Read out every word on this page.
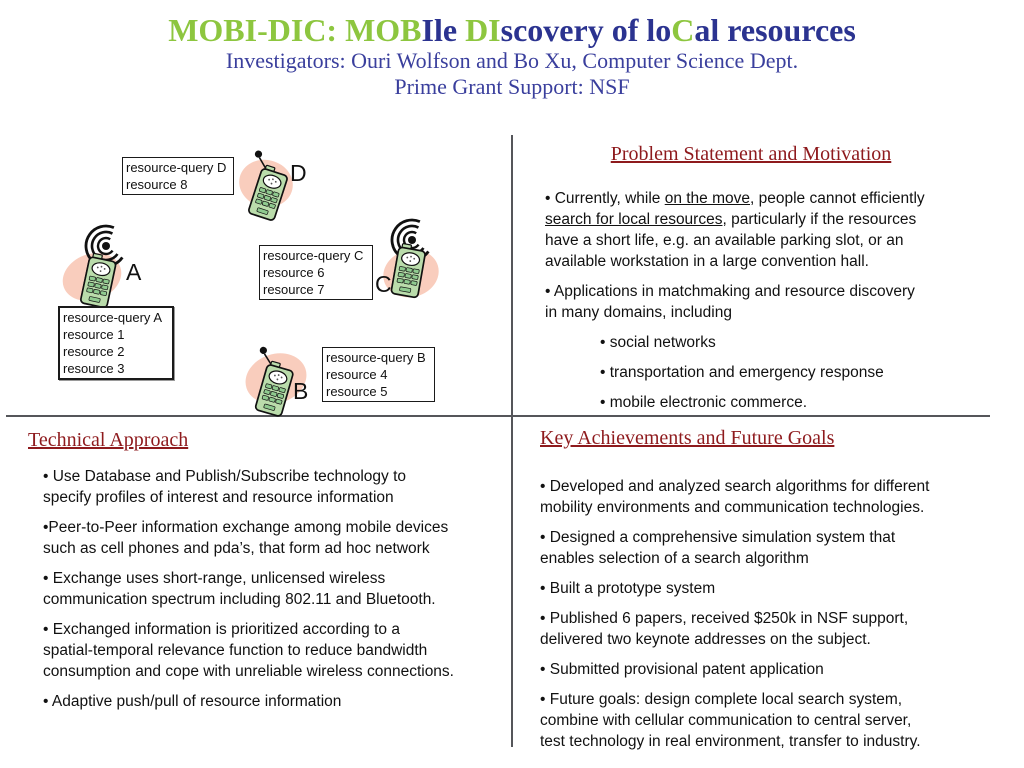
MOBI-DIC: MOBIle DIscovery of loCal resources
Investigators: Ouri Wolfson and Bo Xu, Computer Science Dept.
Prime Grant Support: NSF
resource-query D
resource 8
resource-query C
resource 6
resource 7
resource-query A
resource 1
resource 2
resource 3
resource-query B
resource 4
resource 5
A
B
C
D
Problem Statement and Motivation

• Currently, while on the move, people cannot efficiently
search for local resources, particularly if the resources
have a short life, e.g. an available parking slot, or an
available workstation in a large convention hall.

• Applications in matchmaking and resource discovery
in many domains, including

• social networks

• transportation and emergency response

• mobile electronic commerce.

Technical Approach

• Use Database and Publish/Subscribe technology to
specify profiles of interest and resource information

•Peer-to-Peer information exchange among mobile devices
such as cell phones and pda’s, that form ad hoc network

• Exchange uses short-range, unlicensed wireless
communication spectrum including 802.11 and Bluetooth.

• Exchanged information is prioritized according to a
spatial-temporal relevance function to reduce bandwidth
consumption and cope with unreliable wireless connections.

• Adaptive push/pull of resource information

Key Achievements and Future Goals

• Developed and analyzed search algorithms for different
mobility environments and communication technologies.

• Designed a comprehensive simulation system that
enables selection of a search algorithm

• Built a prototype system

• Published 6 papers, received $250k in NSF support,
delivered two keynote addresses on the subject.

• Submitted provisional patent application

• Future goals: design complete local search system,
combine with cellular communication to central server,
test technology in real environment, transfer to industry.
